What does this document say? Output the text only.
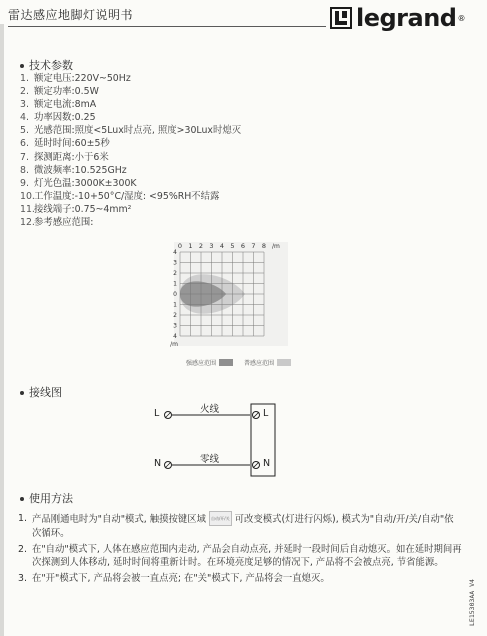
雷达感应地脚灯说明书	legrand ®
技术参数
1. 额定电压: 220V~50Hz
2. 额定功率: 0.5W
3. 额定电流: 8mA
4. 功率因数: 0.25
5. 光感范围: 照度<5Lux时点亮, 照度>30Lux时熄灭
6. 延时时间: 60±5秒
7. 探测距离: 小于6米
8. 微波频率: 10.525GHz
9. 灯光色温: 3000K±300K
10. 工作温度: -10+50°C/湿度: <95%RH不结露
11. 接线端子: 0.75~4mm²
12. 参考感应范围:
0 1 2 3 4 5 6 7 8 /m
4
3
2
1
0
1
2
3
4
/m
强感应范围	普感应范围
接线图
L
N
L
N
火线
零线
使用方法
1. 产品刚通电时为"自动"模式, 触摸按键区域 自动/开/关 可改变模式(灯进行闪烁), 模式为"自动/开/关/自动"依次循环。
2. 在"自动"模式下, 人体在感应范围内走动, 产品会自动点亮, 并延时一段时间后自动熄灭。如在延时期间再次探测到人体移动, 延时时间将重新计时。在环境亮度足够的情况下, 产品将不会被点亮, 节省能源。
3. 在"开"模式下, 产品将会被一直点亮; 在"关"模式下, 产品将会一直熄灭。
LE15303AA V4
